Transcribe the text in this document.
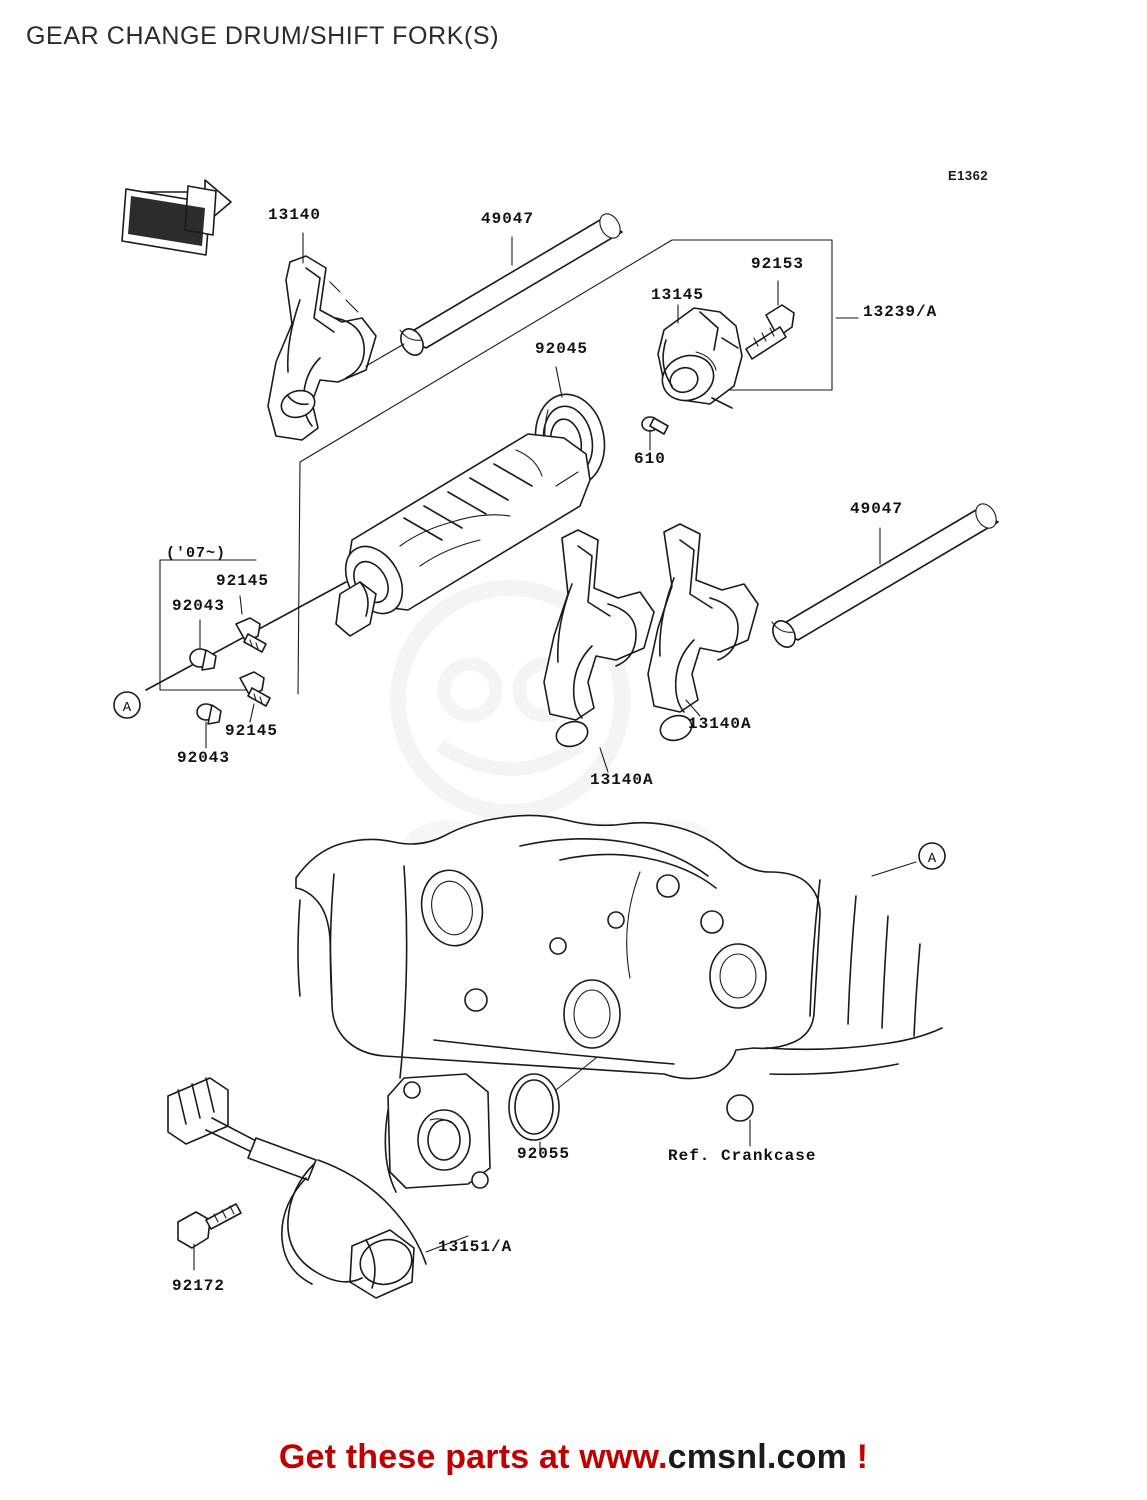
GEAR CHANGE DRUM/SHIFT FORK(S)
E1362
A
A
13140	49047
92153
13145
13239/A
92045
610
49047
('07~)
92145
92043
92145
92043
13140A
13140A
92055	Ref. Crankcase
13151/A
92172
Get these parts at www.cmsnl.com !
